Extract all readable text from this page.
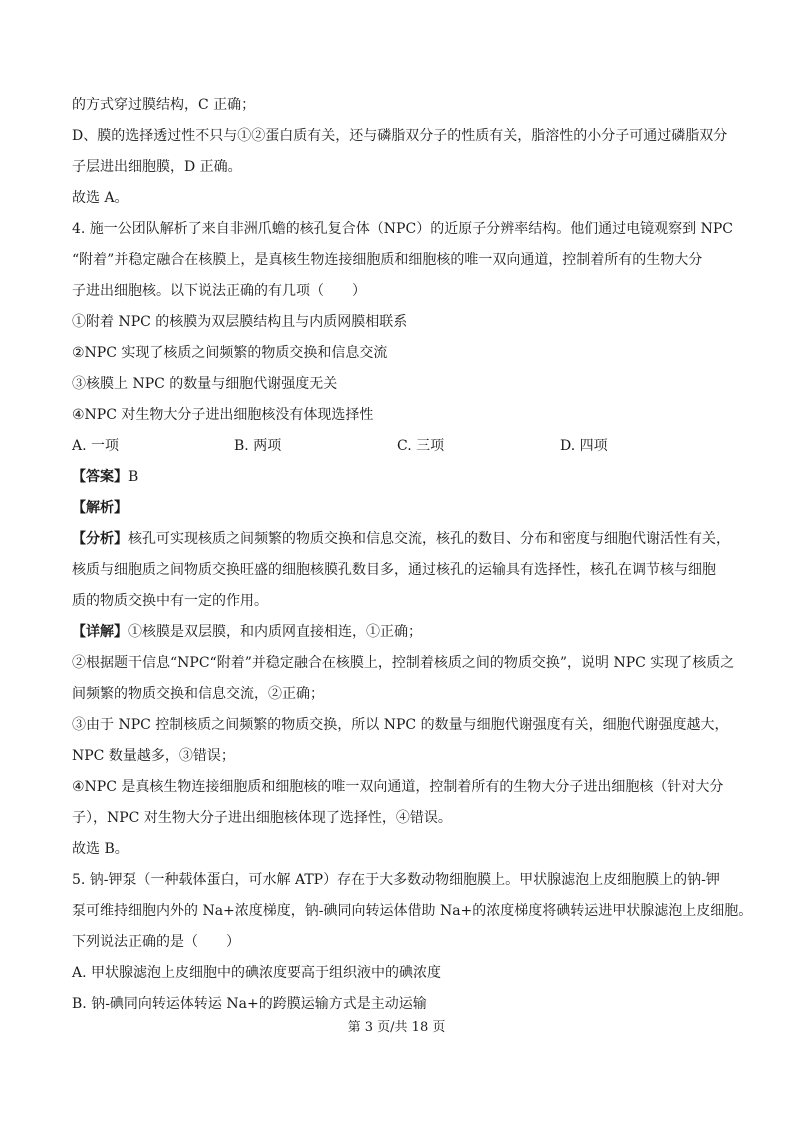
的方式穿过膜结构，C 正确；
D、膜的选择透过性不只与①②蛋白质有关，还与磷脂双分子的性质有关，脂溶性的小分子可通过磷脂双分
子层进出细胞膜，D 正确。
故选 A。
4. 施一公团队解析了来自非洲爪蟾的核孔复合体（NPC）的近原子分辨率结构。他们通过电镜观察到 NPC
“附着”并稳定融合在核膜上，是真核生物连接细胞质和细胞核的唯一双向通道，控制着所有的生物大分
子进出细胞核。以下说法正确的有几项（　　）
①附着 NPC 的核膜为双层膜结构且与内质网膜相联系
②NPC 实现了核质之间频繁的物质交换和信息交流
③核膜上 NPC 的数量与细胞代谢强度无关
④NPC 对生物大分子进出细胞核没有体现选择性
A. 一项	B. 两项	C. 三项	D. 四项
【答案】B
【解析】
【分析】核孔可实现核质之间频繁的物质交换和信息交流，核孔的数目、分布和密度与细胞代谢活性有关，
核质与细胞质之间物质交换旺盛的细胞核膜孔数目多，通过核孔的运输具有选择性，核孔在调节核与细胞
质的物质交换中有一定的作用。
【详解】①核膜是双层膜，和内质网直接相连，①正确；
②根据题干信息“NPC“附着”并稳定融合在核膜上，控制着核质之间的物质交换”，说明 NPC 实现了核质之
间频繁的物质交换和信息交流，②正确；
③由于 NPC 控制核质之间频繁的物质交换，所以 NPC 的数量与细胞代谢强度有关，细胞代谢强度越大，
NPC 数量越多，③错误；
④NPC 是真核生物连接细胞质和细胞核的唯一双向通道，控制着所有的生物大分子进出细胞核（针对大分
子），NPC 对生物大分子进出细胞核体现了选择性，④错误。
故选 B。
5. 钠-钾泵（一种载体蛋白，可水解 ATP）存在于大多数动物细胞膜上。甲状腺滤泡上皮细胞膜上的钠-钾
泵可维持细胞内外的 Na+浓度梯度，钠-碘同向转运体借助 Na+的浓度梯度将碘转运进甲状腺滤泡上皮细胞。
下列说法正确的是（　　）
A. 甲状腺滤泡上皮细胞中的碘浓度要高于组织液中的碘浓度
B. 钠-碘同向转运体转运 Na+的跨膜运输方式是主动运输
第 3 页/共 18 页
